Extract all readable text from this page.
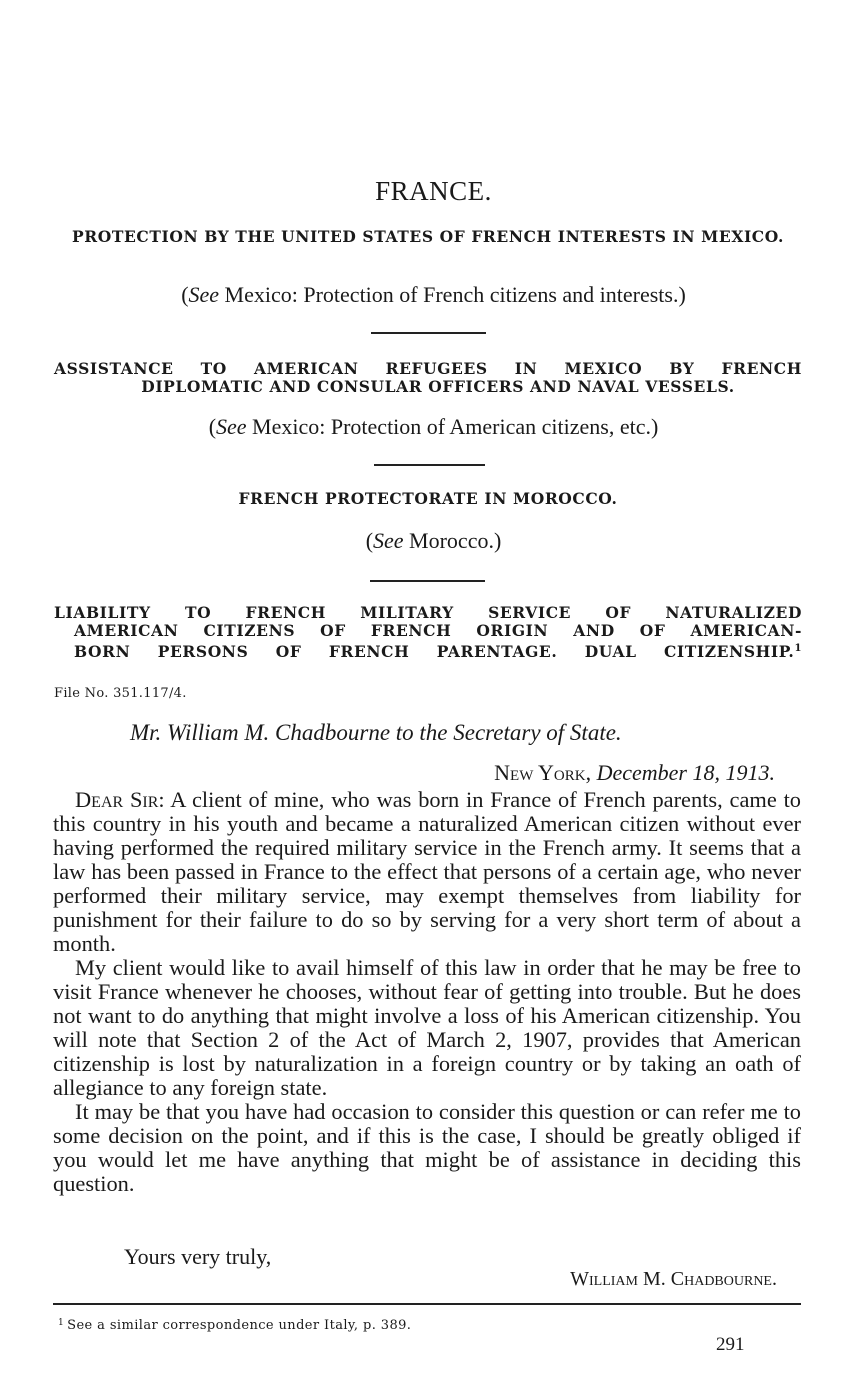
FRANCE.
PROTECTION BY THE UNITED STATES OF FRENCH INTERESTS IN MEXICO.
(See Mexico: Protection of French citizens and interests.)
ASSISTANCE TO AMERICAN REFUGEES IN MEXICO BY FRENCH
DIPLOMATIC AND CONSULAR OFFICERS AND NAVAL VESSELS.
(See Mexico: Protection of American citizens, etc.)
FRENCH PROTECTORATE IN MOROCCO.
(See Morocco.)
LIABILITY TO FRENCH MILITARY SERVICE OF NATURALIZED
AMERICAN CITIZENS OF FRENCH ORIGIN AND OF AMERICAN-
BORN PERSONS OF FRENCH PARENTAGE. DUAL CITIZENSHIP.$^1$
File No. 351.117/4.
Mr. William M. Chadbourne to the Secretary of State.
New York, December 18, 1913.

Dear Sir: A client of mine, who was born in France of French parents, came to this country in his youth and became a naturalized American citizen without ever having performed the required military service in the French army. It seems that a law has been passed in France to the effect that persons of a certain age, who never performed their military service, may exempt themselves from liability for punishment for their failure to do so by serving for a very short term of about a month.

My client would like to avail himself of this law in order that he may be free to visit France whenever he chooses, without fear of getting into trouble. But he does not want to do anything that might involve a loss of his American citizenship. You will note that Section 2 of the Act of March 2, 1907, provides that American citizenship is lost by naturalization in a foreign country or by taking an oath of allegiance to any foreign state.

It may be that you have had occasion to consider this question or can refer me to some decision on the point, and if this is the case, I should be greatly obliged if you would let me have anything that might be of assistance in deciding this question.

Yours very truly,
William M. Chadbourne.
$^1$ See a similar correspondence under Italy, p. 389.
291
